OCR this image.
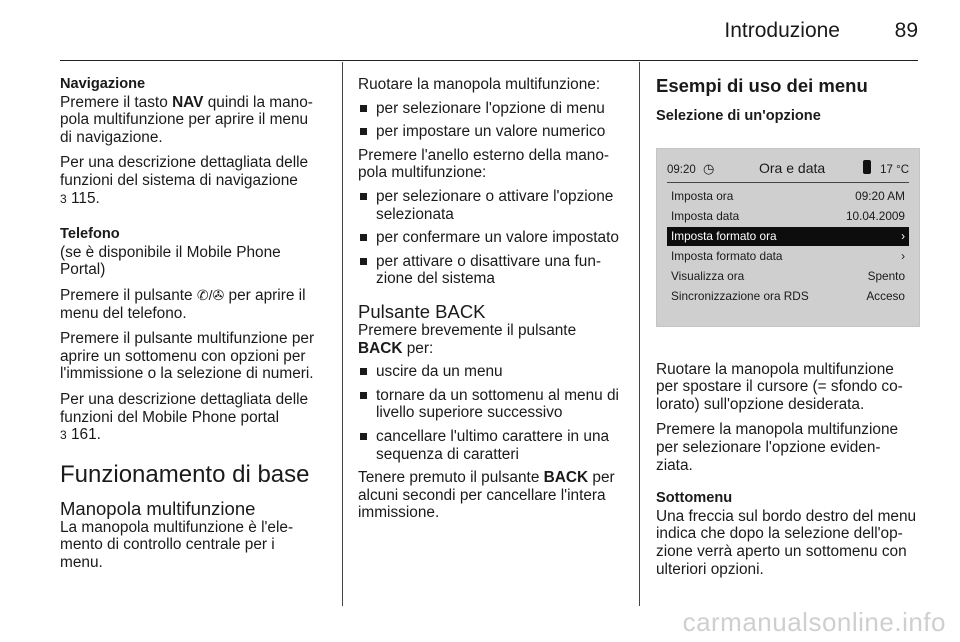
Introduzione	89
Navigazione

Premere il tasto NAV quindi la mano-
pola multifunzione per aprire il menu
di navigazione.

Per una descrizione dettagliata delle
funzioni del sistema di navigazione
3 115.

Telefono

(se è disponibile il Mobile Phone
Portal)

Premere il pulsante ✆/✇ per aprire il
menu del telefono.

Premere il pulsante multifunzione per
aprire un sottomenu con opzioni per
l'immissione o la selezione di numeri.

Per una descrizione dettagliata delle
funzioni del Mobile Phone portal
3 161.

Funzionamento di base
Manopola multifunzione

La manopola multifunzione è l'ele-
mento di controllo centrale per i
menu.

Ruotare la manopola multifunzione:

per selezionare l'opzione di menu
per impostare un valore numerico

Premere l'anello esterno della mano-
pola multifunzione:

per selezionare o attivare l'opzione
selezionata
per confermare un valore impostato
per attivare o disattivare una fun-
zione del sistema
Pulsante BACK

Premere brevemente il pulsante
BACK per:

uscire da un menu
tornare da un sottomenu al menu di
livello superiore successivo
cancellare l'ultimo carattere in una
sequenza di caratteri

Tenere premuto il pulsante BACK per
alcuni secondi per cancellare l'intera
immissione.

Esempi di uso dei menu
Selezione di un'opzione
09:20 ◷	Ora e data	17 °C
Imposta ora	09:20 AM
Imposta data	10.04.2009
Imposta formato ora	›
Imposta formato data	›
Visualizza ora	Spento
Sincronizzazione ora RDS	Acceso

Ruotare la manopola multifunzione
per spostare il cursore (= sfondo co-
lorato) sull'opzione desiderata.

Premere la manopola multifunzione
per selezionare l'opzione eviden-
ziata.

Sottomenu

Una freccia sul bordo destro del menu
indica che dopo la selezione dell'op-
zione verrà aperto un sottomenu con
ulteriori opzioni.

carmanualsonline.info
